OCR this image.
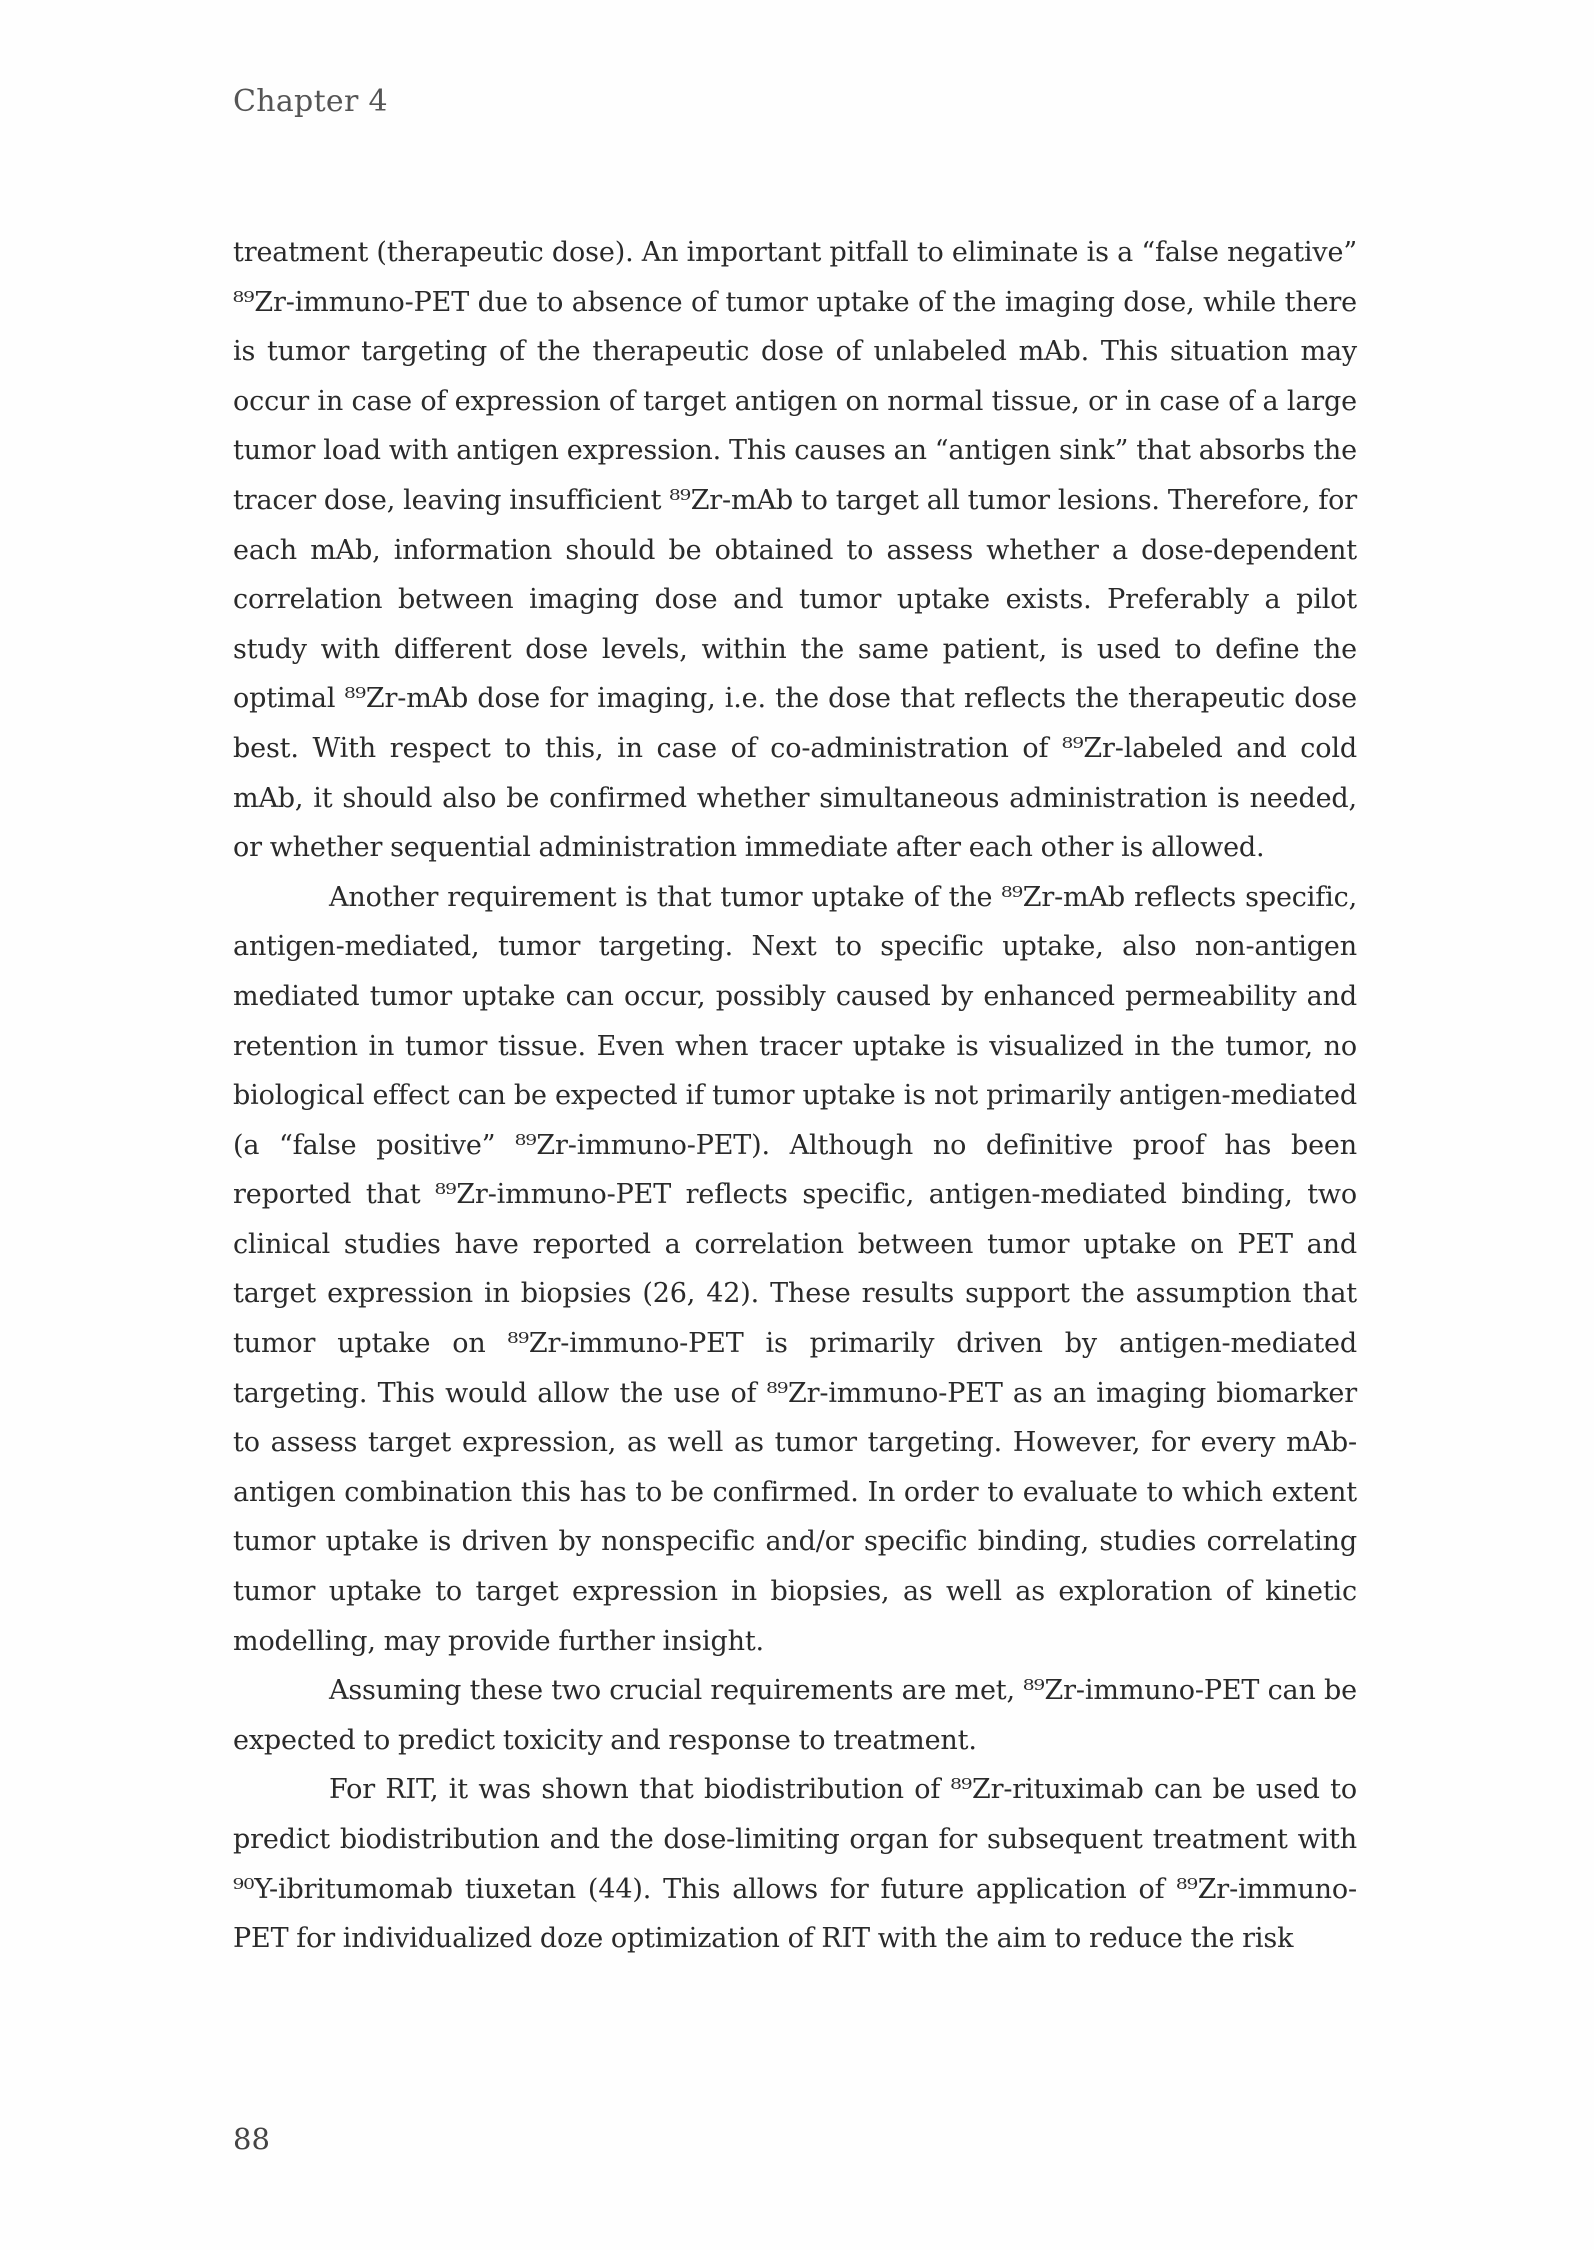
Chapter 4

treatment (therapeutic dose). An important pitfall to eliminate is a “false negative” ⁸⁹Zr-immuno-PET due to absence of tumor uptake of the imaging dose, while there is tumor targeting of the therapeutic dose of unlabeled mAb. This situation may occur in case of expression of target antigen on normal tissue, or in case of a large tumor load with antigen expression. This causes an “antigen sink” that absorbs the tracer dose, leaving insufficient ⁸⁹Zr-mAb to target all tumor lesions. Therefore, for each mAb, information should be obtained to assess whether a dose-dependent correlation between imaging dose and tumor uptake exists. Preferably a pilot study with different dose levels, within the same patient, is used to define the optimal ⁸⁹Zr-mAb dose for imaging, i.e. the dose that reflects the therapeutic dose best. With respect to this, in case of co-administration of ⁸⁹Zr-labeled and cold mAb, it should also be confirmed whether simultaneous administration is needed, or whether sequential administration immediate after each other is allowed.

Another requirement is that tumor uptake of the ⁸⁹Zr-mAb reflects specific, antigen-mediated, tumor targeting. Next to specific uptake, also non-antigen mediated tumor uptake can occur, possibly caused by enhanced permeability and retention in tumor tissue. Even when tracer uptake is visualized in the tumor, no biological effect can be expected if tumor uptake is not primarily antigen-mediated (a “false positive” ⁸⁹Zr-immuno-PET). Although no definitive proof has been reported that ⁸⁹Zr-immuno-PET reflects specific, antigen-mediated binding, two clinical studies have reported a correlation between tumor uptake on PET and target expression in biopsies (26, 42). These results support the assumption that tumor uptake on ⁸⁹Zr-immuno-PET is primarily driven by antigen-mediated targeting. This would allow the use of ⁸⁹Zr-immuno-PET as an imaging biomarker to assess target expression, as well as tumor targeting. However, for every mAb-antigen combination this has to be confirmed. In order to evaluate to which extent tumor uptake is driven by nonspecific and/or specific binding, studies correlating tumor uptake to target expression in biopsies, as well as exploration of kinetic modelling, may provide further insight.

Assuming these two crucial requirements are met, ⁸⁹Zr-immuno-PET can be expected to predict toxicity and response to treatment.

For RIT, it was shown that biodistribution of ⁸⁹Zr-rituximab can be used to predict biodistribution and the dose-limiting organ for subsequent treatment with ⁹⁰Y-ibritumomab tiuxetan (44). This allows for future application of ⁸⁹Zr-immuno-PET for individualized doze optimization of RIT with the aim to reduce the risk

88
